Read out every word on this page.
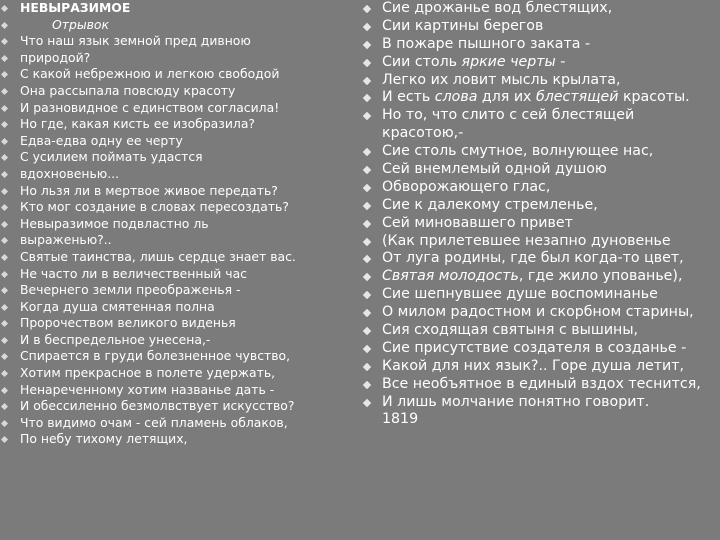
НЕВЫРАЗИМОЕ
Отрывок
Что наш язык земной пред дивною
природой?
С какой небрежною и легкою свободой
Она рассыпала повсюду красоту
И разновидное с единством согласила!
Но где, какая кисть ее изобразила?
Едва-едва одну ее черту
С усилием поймать удастся
вдохновенью...
Но льзя ли в мертвое живое передать?
Кто мог создание в словах пересоздать?
Невыразимое подвластно ль
выраженью?..
Святые таинства, лишь сердце знает вас.
Не часто ли в величественный час
Вечернего земли преображенья -
Когда душа смятенная полна
Пророчеством великого виденья
И в беспредельное унесена,-
Спирается в груди болезненное чувство,
Хотим прекрасное в полете удержать,
Ненареченному хотим названье дать -
И обессиленно безмолвствует искусство?
Что видимо очам - сей пламень облаков,
По небу тихому летящих,
Сие дрожанье вод блестящих,
Сии картины берегов
В пожаре пышного заката -
Сии столь яркие черты -
Легко их ловит мысль крылата,
И есть слова для их блестящей красоты.
Но то, что слито с сей блестящей
красотою,-
Сие столь смутное, волнующее нас,
Сей внемлемый одной душою
Обворожающего глас,
Сие к далекому стремленье,
Сей миновавшего привет
(Как прилетевшее незапно дуновенье
От луга родины, где был когда-то цвет,
Святая молодость, где жило упованье),
Сие шепнувшее душе воспоминанье
О милом радостном и скорбном старины,
Сия сходящая святыня с вышины,
Сие присутствие создателя в созданье -
Какой для них язык?.. Горе душа летит,
Все необъятное в единый вздох теснится,
И лишь молчание понятно говорит.
1819
